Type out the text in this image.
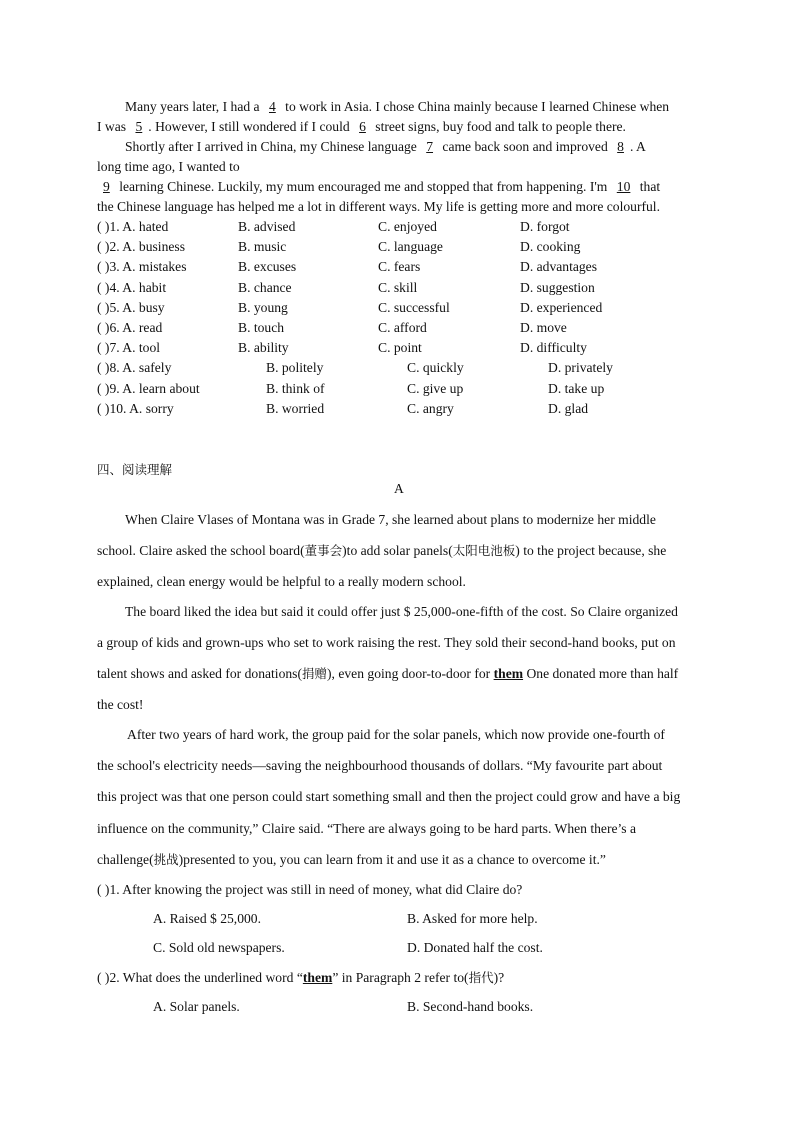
Many years later, I had a 4 to work in Asia. I chose China mainly because I learned Chinese when
I was 5 . However, I still wondered if I could 6 street signs, buy food and talk to people there.
Shortly after I arrived in China, my Chinese language 7 came back soon and improved 8 . A
long time ago, I wanted to
9 learning Chinese. Luckily, my mum encouraged me and stopped that from happening. I'm 10 that
the Chinese language has helped me a lot in different ways. My life is getting more and more colourful.
( )1. A. hated	B. advised	C. enjoyed	D. forgot
( )2. A. business	B. music	C. language	D. cooking
( )3. A. mistakes	B. excuses	C. fears	D. advantages
( )4. A. habit	B. chance	C. skill	D. suggestion
( )5. A. busy	B. young	C. successful	D. experienced
( )6. A. read	B. touch	C. afford	D. move
( )7. A. tool	B. ability	C. point	D. difficulty
( )8. A. safely	B. politely	C. quickly	D. privately
( )9. A. learn about	B. think of	C. give up	D. take up
( )10. A. sorry	B. worried	C. angry	D. glad
四、阅读理解
A
When Claire Vlases of Montana was in Grade 7, she learned about plans to modernize her middle
school. Claire asked the school board(董事会)to add solar panels(太阳电池板) to the project because, she
explained, clean energy would be helpful to a really modern school.
The board liked the idea but said it could offer just $ 25,000-one-fifth of the cost. So Claire organized
a group of kids and grown-ups who set to work raising the rest. They sold their second-hand books, put on
talent shows and asked for donations(捐赠), even going door-to-door for them One donated more than half
the cost!
After two years of hard work, the group paid for the solar panels, which now provide one-fourth of
the school's electricity needs—saving the neighbourhood thousands of dollars. “My favourite part about
this project was that one person could start something small and then the project could grow and have a big
influence on the community,” Claire said. “There are always going to be hard parts. When there’s a
challenge(挑战)presented to you, you can learn from it and use it as a chance to overcome it.”
( )1. After knowing the project was still in need of money, what did Claire do?
A. Raised $ 25,000.	B. Asked for more help.
C. Sold old newspapers.	D. Donated half the cost.
( )2. What does the underlined word “them” in Paragraph 2 refer to(指代)?
A. Solar panels.	B. Second-hand books.
